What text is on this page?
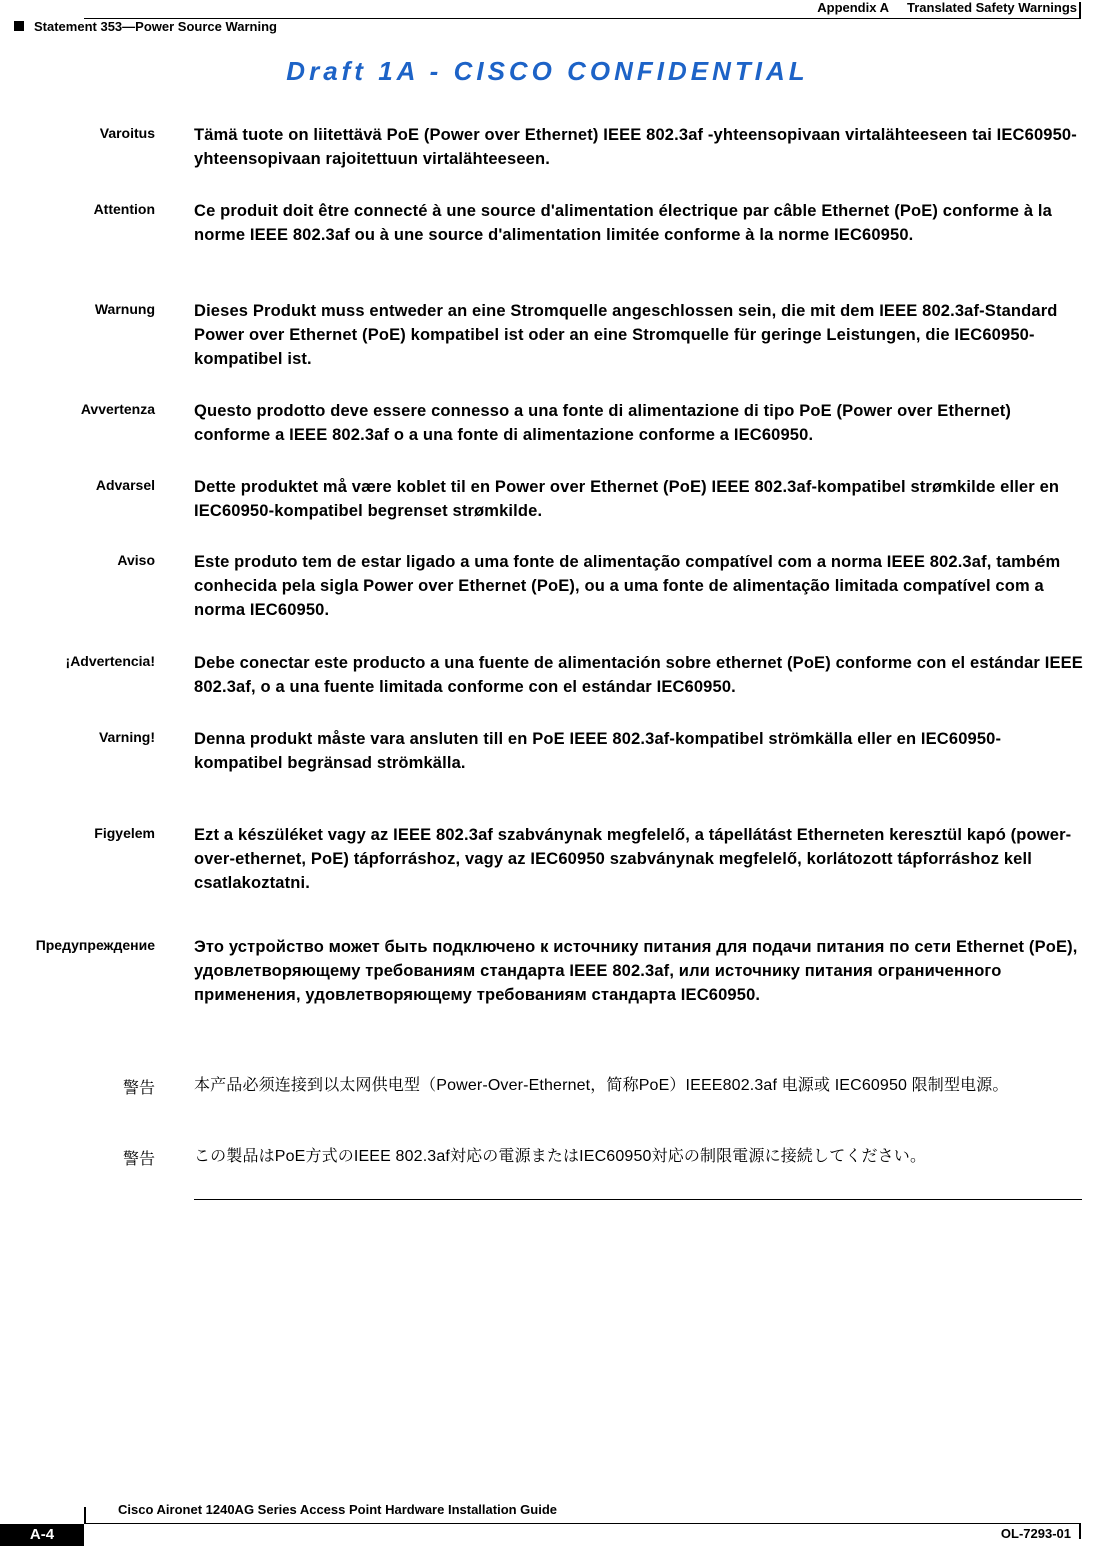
Appendix A Translated Safety Warnings
Statement 353—Power Source Warning
Draft 1A - CISCO CONFIDENTIAL
Varoitus Tämä tuote on liitettävä PoE (Power over Ethernet) IEEE 802.3af -yhteensopivaan virtalähteeseen tai IEC60950-yhteensopivaan rajoitettuun virtalähteeseen.
Attention Ce produit doit être connecté à une source d'alimentation électrique par câble Ethernet (PoE) conforme à la norme IEEE 802.3af ou à une source d'alimentation limitée conforme à la norme IEC60950.
Warnung Dieses Produkt muss entweder an eine Stromquelle angeschlossen sein, die mit dem IEEE 802.3af-Standard Power over Ethernet (PoE) kompatibel ist oder an eine Stromquelle für geringe Leistungen, die IEC60950-kompatibel ist.
Avvertenza Questo prodotto deve essere connesso a una fonte di alimentazione di tipo PoE (Power over Ethernet) conforme a IEEE 802.3af o a una fonte di alimentazione conforme a IEC60950.
Advarsel Dette produktet må være koblet til en Power over Ethernet (PoE) IEEE 802.3af-kompatibel strømkilde eller en IEC60950-kompatibel begrenset strømkilde.
Aviso Este produto tem de estar ligado a uma fonte de alimentação compatível com a norma IEEE 802.3af, também conhecida pela sigla Power over Ethernet (PoE), ou a uma fonte de alimentação limitada compatível com a norma IEC60950.
¡Advertencia! Debe conectar este producto a una fuente de alimentación sobre ethernet (PoE) conforme con el estándar IEEE 802.3af, o a una fuente limitada conforme con el estándar IEC60950.
Varning! Denna produkt måste vara ansluten till en PoE IEEE 802.3af-kompatibel strömkälla eller en IEC60950-kompatibel begränsad strömkälla.
Figyelem Ezt a készüléket vagy az IEEE 802.3af szabványnak megfelelő, a tápellátást Etherneten keresztül kapó (power-over-ethernet, PoE) tápforráshoz, vagy az IEC60950 szabványnak megfelelő, korlátozott tápforráshoz kell csatlakoztatni.
Предупреждение Это устройство может быть подключено к источнику питания для подачи питания по сети Ethernet (PoE), удовлетворяющему требованиям стандарта IEEE 802.3af, или источнику питания ограниченного применения, удовлетворяющему требованиям стандарта IEC60950.
警告 本产品必须连接到以太网供电型（Power-Over-Ethernet，简称PoE）IEEE802.3af 电源或 IEC60950 限制型电源。
警告 この製品はPoE方式のIEEE 802.3af対応の電源またはIEC60950対応の制限電源に接続してください。
Cisco Aironet 1240AG Series Access Point Hardware Installation Guide
A-4	OL-7293-01
